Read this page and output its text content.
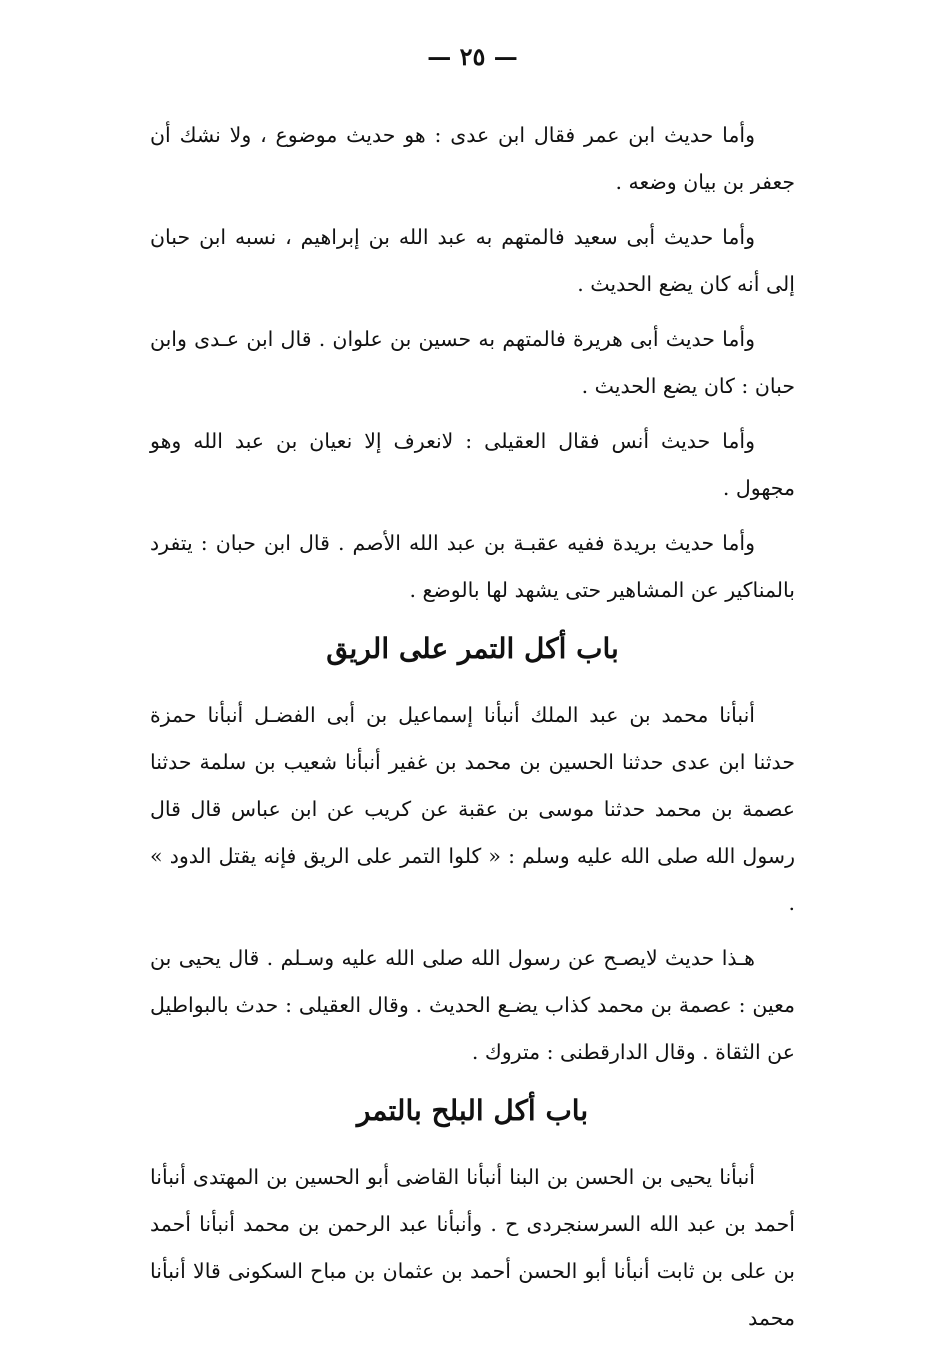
— ٢٥ —

وأما حديث ابن عمر فقال ابن عدى : هو حديث موضوع ، ولا نشك أن جعفر بن بيان وضعه .

وأما حديث أبى سعيد فالمتهم به عبد الله بن إبراهيم ، نسبه ابن حبان إلى أنه كان يضع الحديث .

وأما حديث أبى هريرة فالمتهم به حسين بن علوان . قال ابن عـدى وابن حبان : كان يضع الحديث .

وأما حديث أنس فقال العقيلى : لانعرف إلا نعيان بن عبد الله وهو مجهول .

وأما حديث بريدة ففيه عقبـة بن عبد الله الأصم . قال ابن حبان : يتفرد بالمناكير عن المشاهير حتى يشهد لها بالوضع .

باب أكل التمر على الريق

أنبأنا محمد بن عبد الملك أنبأنا إسماعيل بن أبى الفضـل أنبأنا حمزة حدثنا ابن عدى حدثنا الحسين بن محمد بن غفير أنبأنا شعيب بن سلمة حدثنا عصمة بن محمد حدثنا موسى بن عقبة عن كريب عن ابن عباس قال قال رسول الله صلى الله عليه وسلم : « كلوا التمر على الريق فإنه يقتل الدود » .

هـذا حديث لايصـح عن رسول الله صلى الله عليه وسـلم . قال يحيى بن معين : عصمة بن محمد كذاب يضـع الحديث . وقال العقيلى : حدث بالبواطيل عن الثقاة . وقال الدارقطنى : متروك .

باب أكل البلح بالتمر

أنبأنا يحيى بن الحسن بن البنا أنبأنا القاضى أبو الحسين بن المهتدى أنبأنا أحمد بن عبد الله السرسنجردى ح . وأنبأنا عبد الرحمن بن محمد أنبأنا أحمد بن على بن ثابت أنبأنا أبو الحسن أحمد بن عثمان بن مباح السكونى قالا أنبأنا محمد
